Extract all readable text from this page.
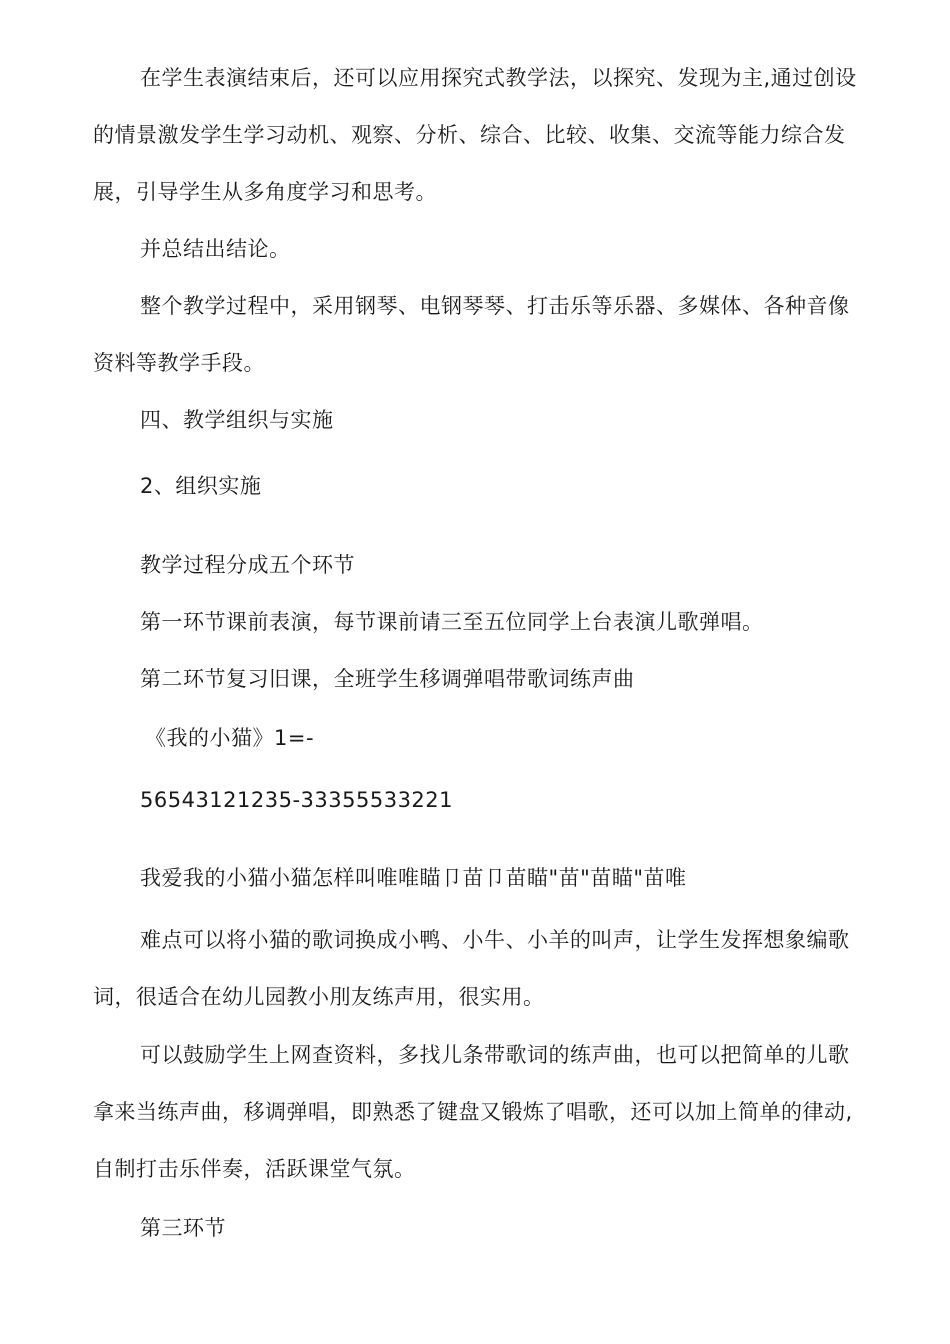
在学生表演结束后，还可以应用探究式教学法，以探究、发现为主,通过创设
的情景激发学生学习动机、观察、分析、综合、比较、收集、交流等能力综合发
展，引导学生从多角度学习和思考。
并总结出结论。
整个教学过程中，采用钢琴、电钢琴琴、打击乐等乐器、多媒体、各种音像
资料等教学手段。
四、教学组织与实施
2、组织实施
教学过程分成五个环节
第一环节课前表演，每节课前请三至五位同学上台表演儿歌弹唱。
第二环节复习旧课，全班学生移调弹唱带歌词练声曲
《我的小猫》1=-
56543121235-33355533221
我爱我的小猫小猫怎样叫唯唯瞄卩苗卩苗瞄"苗"苗瞄"苗唯
难点可以将小猫的歌词换成小鸭、小牛、小羊的叫声，让学生发挥想象编歌
词，很适合在幼儿园教小刖友练声用，很实用。
可以鼓励学生上网查资料，多找儿条带歌词的练声曲，也可以把简单的儿歌
拿来当练声曲，移调弹唱，即熟悉了键盘又锻炼了唱歌，还可以加上简单的律动,
自制打击乐伴奏，活跃课堂气氛。
第三环节
